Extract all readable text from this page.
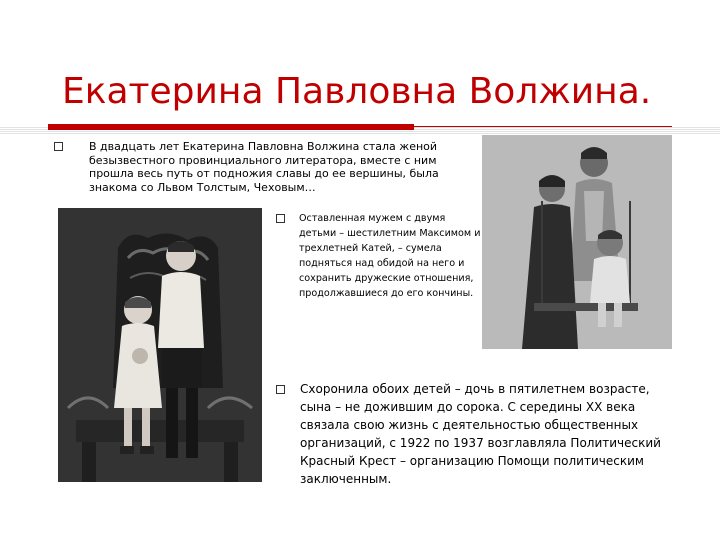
Екатерина Павловна Волжина.
В двадцать лет Екатерина Павловна Волжина стала женой безызвестного провинциального литератора, вместе с ним прошла весь путь от подножия славы до ее вершины, была знакома со Львом Толстым, Чеховым…
Оставленная мужем с двумя детьми – шестилетним Максимом и трехлетней Катей, – сумела подняться над обидой на него и сохранить дружеские отношения, продолжавшиеся до его кончины.
Схоронила обоих детей – дочь в пятилетнем возрасте, сына – не дожившим до сорока. С середины XX века связала свою жизнь с деятельностью общественных организаций, с 1922 по 1937 возглавляла Политический Красный Крест – организацию Помощи политическим заключенным.
